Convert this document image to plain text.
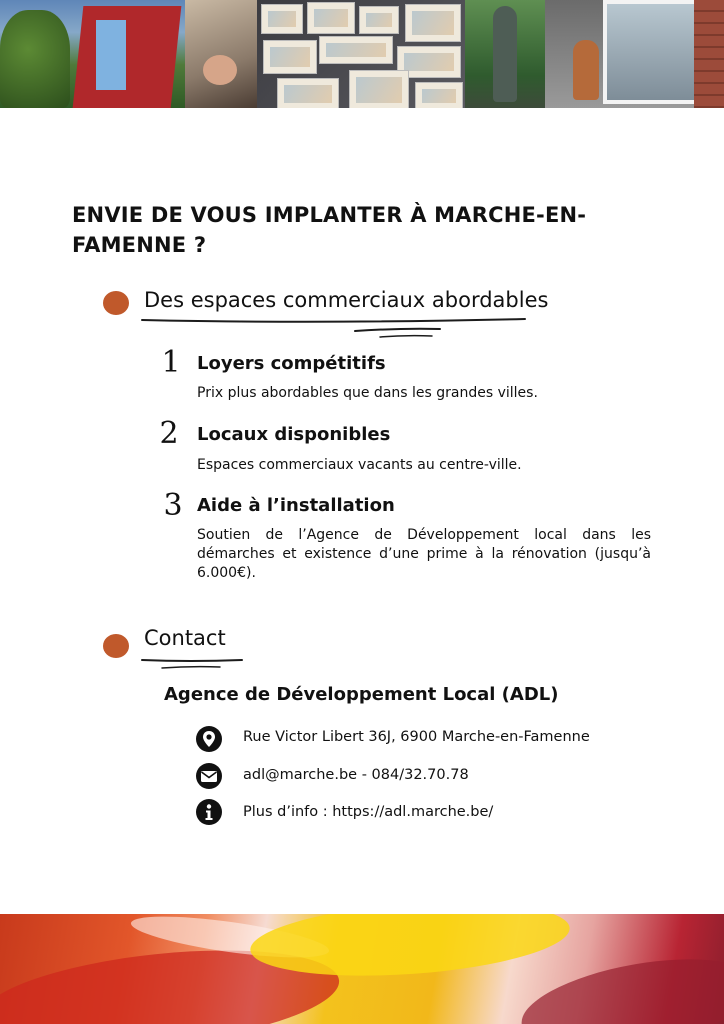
ENVIE DE VOUS IMPLANTER À MARCHE-EN-FAMENNE ?
Des espaces commerciaux abordables
1 Loyers compétitifs

Prix plus abordables que dans les grandes villes.

2	Locaux disponibles

Espaces commerciaux vacants au centre-ville.

3 Aide à l’installation

Soutien de l’Agence de Développement local dans les démarches et existence d’une prime à la rénovation (jusqu’à 6.000€).

Contact
Agence de Développement Local (ADL)
Rue Victor Libert 36J, 6900 Marche-en-Famenne
adl@marche.be - 084/32.70.78
Plus d’info : https://adl.marche.be/
